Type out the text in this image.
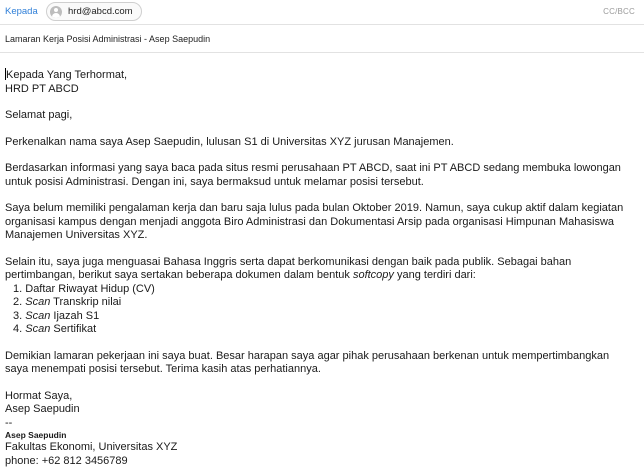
Kepada	hrd@abcd.com	CC/BCC
Lamaran Kerja Posisi Administrasi - Asep Saepudin

Kepada Yang Terhormat,

HRD PT ABCD

Selamat pagi,

Perkenalkan nama saya Asep Saepudin, lulusan S1 di Universitas XYZ jurusan Manajemen.

Berdasarkan informasi yang saya baca pada situs resmi perusahaan PT ABCD, saat ini PT ABCD sedang membuka lowongan untuk posisi Administrasi. Dengan ini, saya bermaksud untuk melamar posisi tersebut.

Saya belum memiliki pengalaman kerja dan baru saja lulus pada bulan Oktober 2019. Namun, saya cukup aktif dalam kegiatan organisasi kampus dengan menjadi anggota Biro Administrasi dan Dokumentasi Arsip pada organisasi Himpunan Mahasiswa Manajemen Universitas XYZ.

Selain itu, saya juga menguasai Bahasa Inggris serta dapat berkomunikasi dengan baik pada publik. Sebagai bahan pertimbangan, berikut saya sertakan beberapa dokumen dalam bentuk softcopy yang terdiri dari:

1. Daftar Riwayat Hidup (CV)
2. Scan Transkrip nilai
3. Scan Ijazah S1
4. Scan Sertifikat

Demikian lamaran pekerjaan ini saya buat. Besar harapan saya agar pihak perusahaan berkenan untuk mempertimbangkan saya menempati posisi tersebut. Terima kasih atas perhatiannya.

Hormat Saya,

Asep Saepudin

--

Asep Saepudin

Fakultas Ekonomi, Universitas XYZ

phone: +62 812 3456789
